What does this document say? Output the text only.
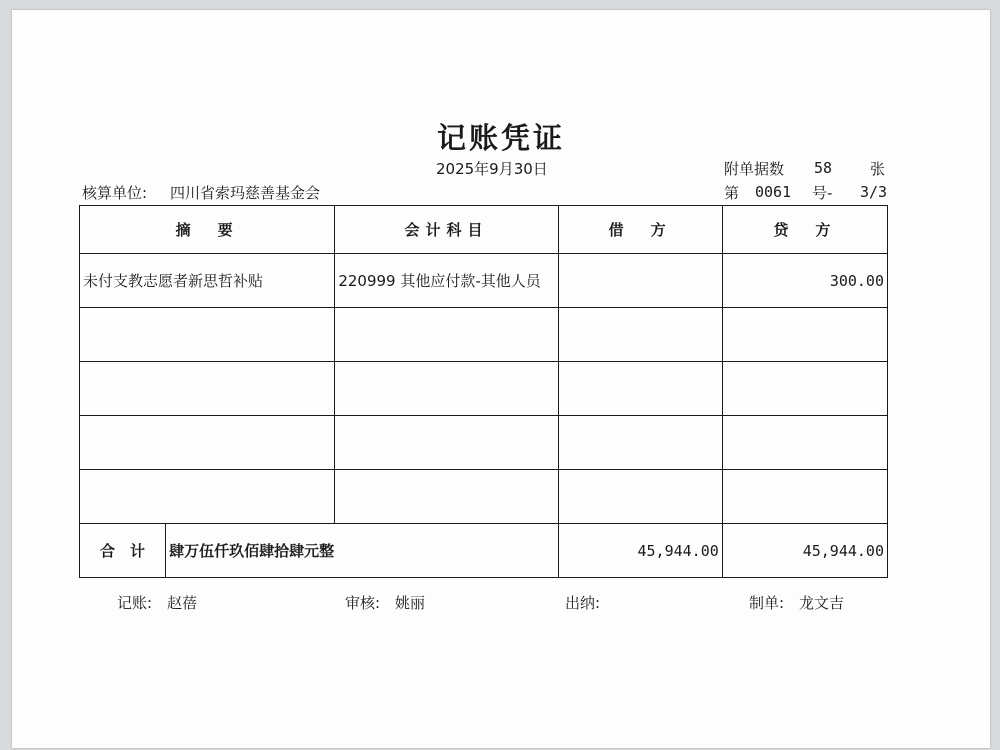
记账凭证
2025年9月30日	附单据数 58	张
核算单位: 四川省索玛慈善基金会	第 0061 号- 3/3
摘　要		会计科目	借　方	贷　方
未付支教志愿者新思哲补贴		220999 其他应付款-其他人员		300.00

合　计	肆万伍仟玖佰肆拾肆元整		45,944.00	45,944.00
记账:　赵蓓	审核:　姚丽	出纳:	制单:　龙文吉
